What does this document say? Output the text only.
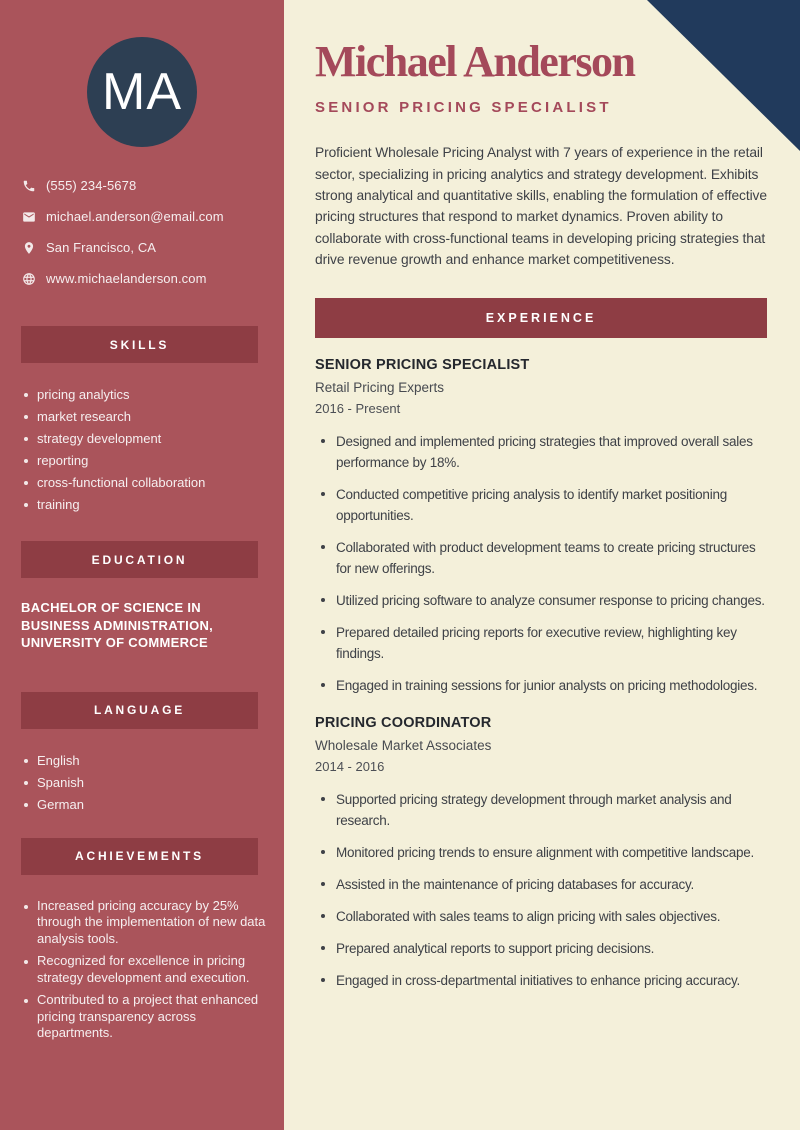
MA
(555) 234-5678
michael.anderson@email.com
San Francisco, CA
www.michaelanderson.com
SKILLS
pricing analytics
market research
strategy development
reporting
cross-functional collaboration
training
EDUCATION
BACHELOR OF SCIENCE IN BUSINESS ADMINISTRATION, UNIVERSITY OF COMMERCE
LANGUAGE
English
Spanish
German
ACHIEVEMENTS
Increased pricing accuracy by 25% through the implementation of new data analysis tools.
Recognized for excellence in pricing strategy development and execution.
Contributed to a project that enhanced pricing transparency across departments.
Michael Anderson
SENIOR PRICING SPECIALIST

Proficient Wholesale Pricing Analyst with 7 years of experience in the retail sector, specializing in pricing analytics and strategy development. Exhibits strong analytical and quantitative skills, enabling the formulation of effective pricing structures that respond to market dynamics. Proven ability to collaborate with cross-functional teams in developing pricing strategies that drive revenue growth and enhance market competitiveness.

EXPERIENCE
SENIOR PRICING SPECIALIST
Retail Pricing Experts
2016 - Present
Designed and implemented pricing strategies that improved overall sales performance by 18%.
Conducted competitive pricing analysis to identify market positioning opportunities.
Collaborated with product development teams to create pricing structures for new offerings.
Utilized pricing software to analyze consumer response to pricing changes.
Prepared detailed pricing reports for executive review, highlighting key findings.
Engaged in training sessions for junior analysts on pricing methodologies.
PRICING COORDINATOR
Wholesale Market Associates
2014 - 2016
Supported pricing strategy development through market analysis and research.
Monitored pricing trends to ensure alignment with competitive landscape.
Assisted in the maintenance of pricing databases for accuracy.
Collaborated with sales teams to align pricing with sales objectives.
Prepared analytical reports to support pricing decisions.
Engaged in cross-departmental initiatives to enhance pricing accuracy.
